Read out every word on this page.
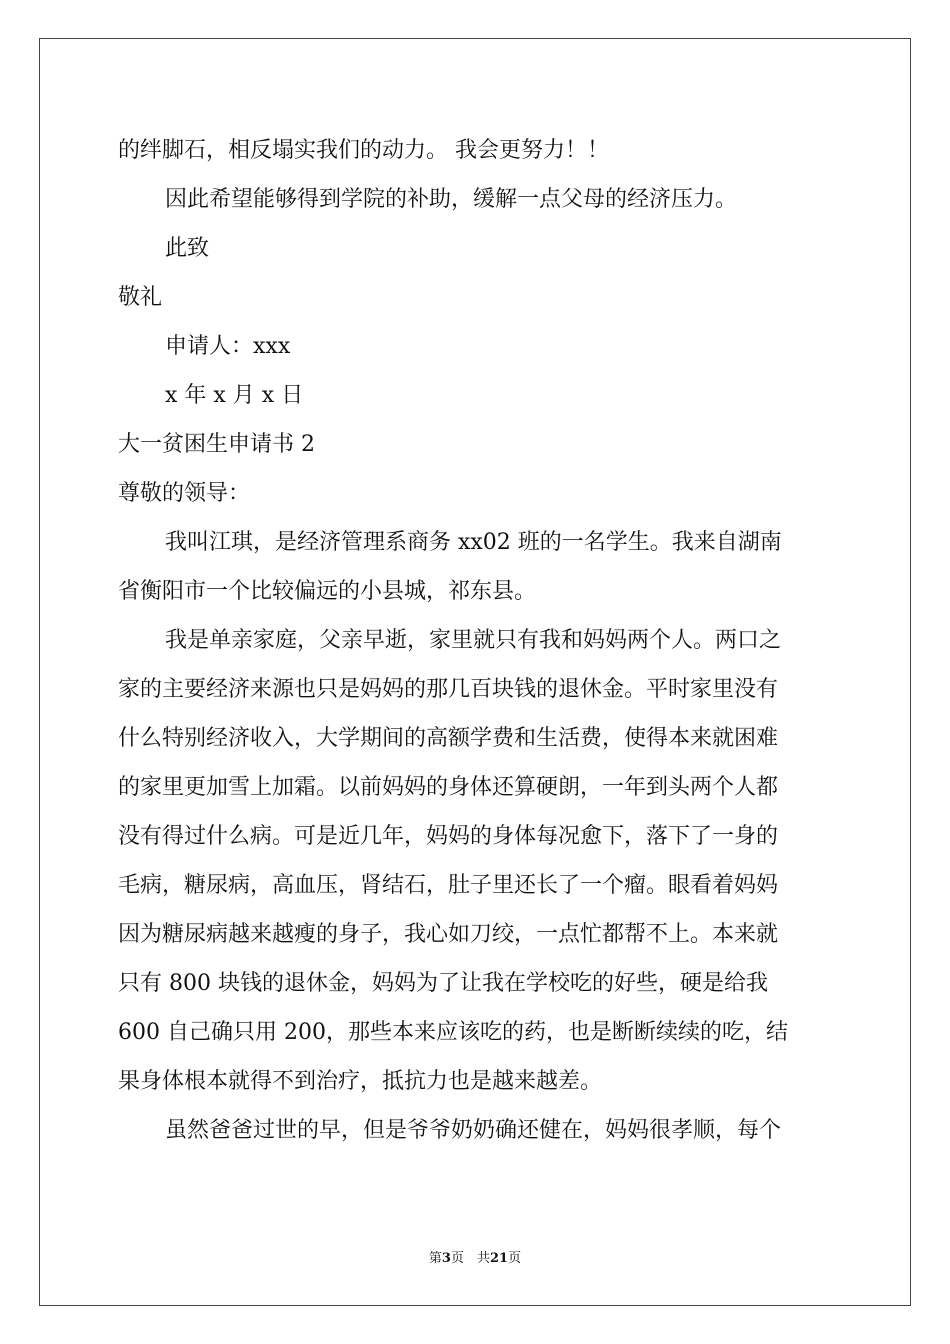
的绊脚石，相反塌实我们的动力。 我会更努力！！
因此希望能够得到学院的补助，缓解一点父母的经济压力。
此致
敬礼
申请人：xxx
x 年 x 月 x 日
大一贫困生申请书 2
尊敬的领导：
我叫江琪，是经济管理系商务 xx02 班的一名学生。我来自湖南
省衡阳市一个比较偏远的小县城，祁东县。
我是单亲家庭，父亲早逝，家里就只有我和妈妈两个人。两口之
家的主要经济来源也只是妈妈的那几百块钱的退休金。平时家里没有
什么特别经济收入，大学期间的高额学费和生活费，使得本来就困难
的家里更加雪上加霜。以前妈妈的身体还算硬朗，一年到头两个人都
没有得过什么病。可是近几年，妈妈的身体每况愈下，落下了一身的
毛病，糖尿病，高血压，肾结石，肚子里还长了一个瘤。眼看着妈妈
因为糖尿病越来越瘦的身子，我心如刀绞，一点忙都帮不上。本来就
只有 800 块钱的退休金，妈妈为了让我在学校吃的好些，硬是给我
600 自己确只用 200，那些本来应该吃的药，也是断断续续的吃，结
果身体根本就得不到治疗，抵抗力也是越来越差。
虽然爸爸过世的早，但是爷爷奶奶确还健在，妈妈很孝顺，每个
第3页　共21页
